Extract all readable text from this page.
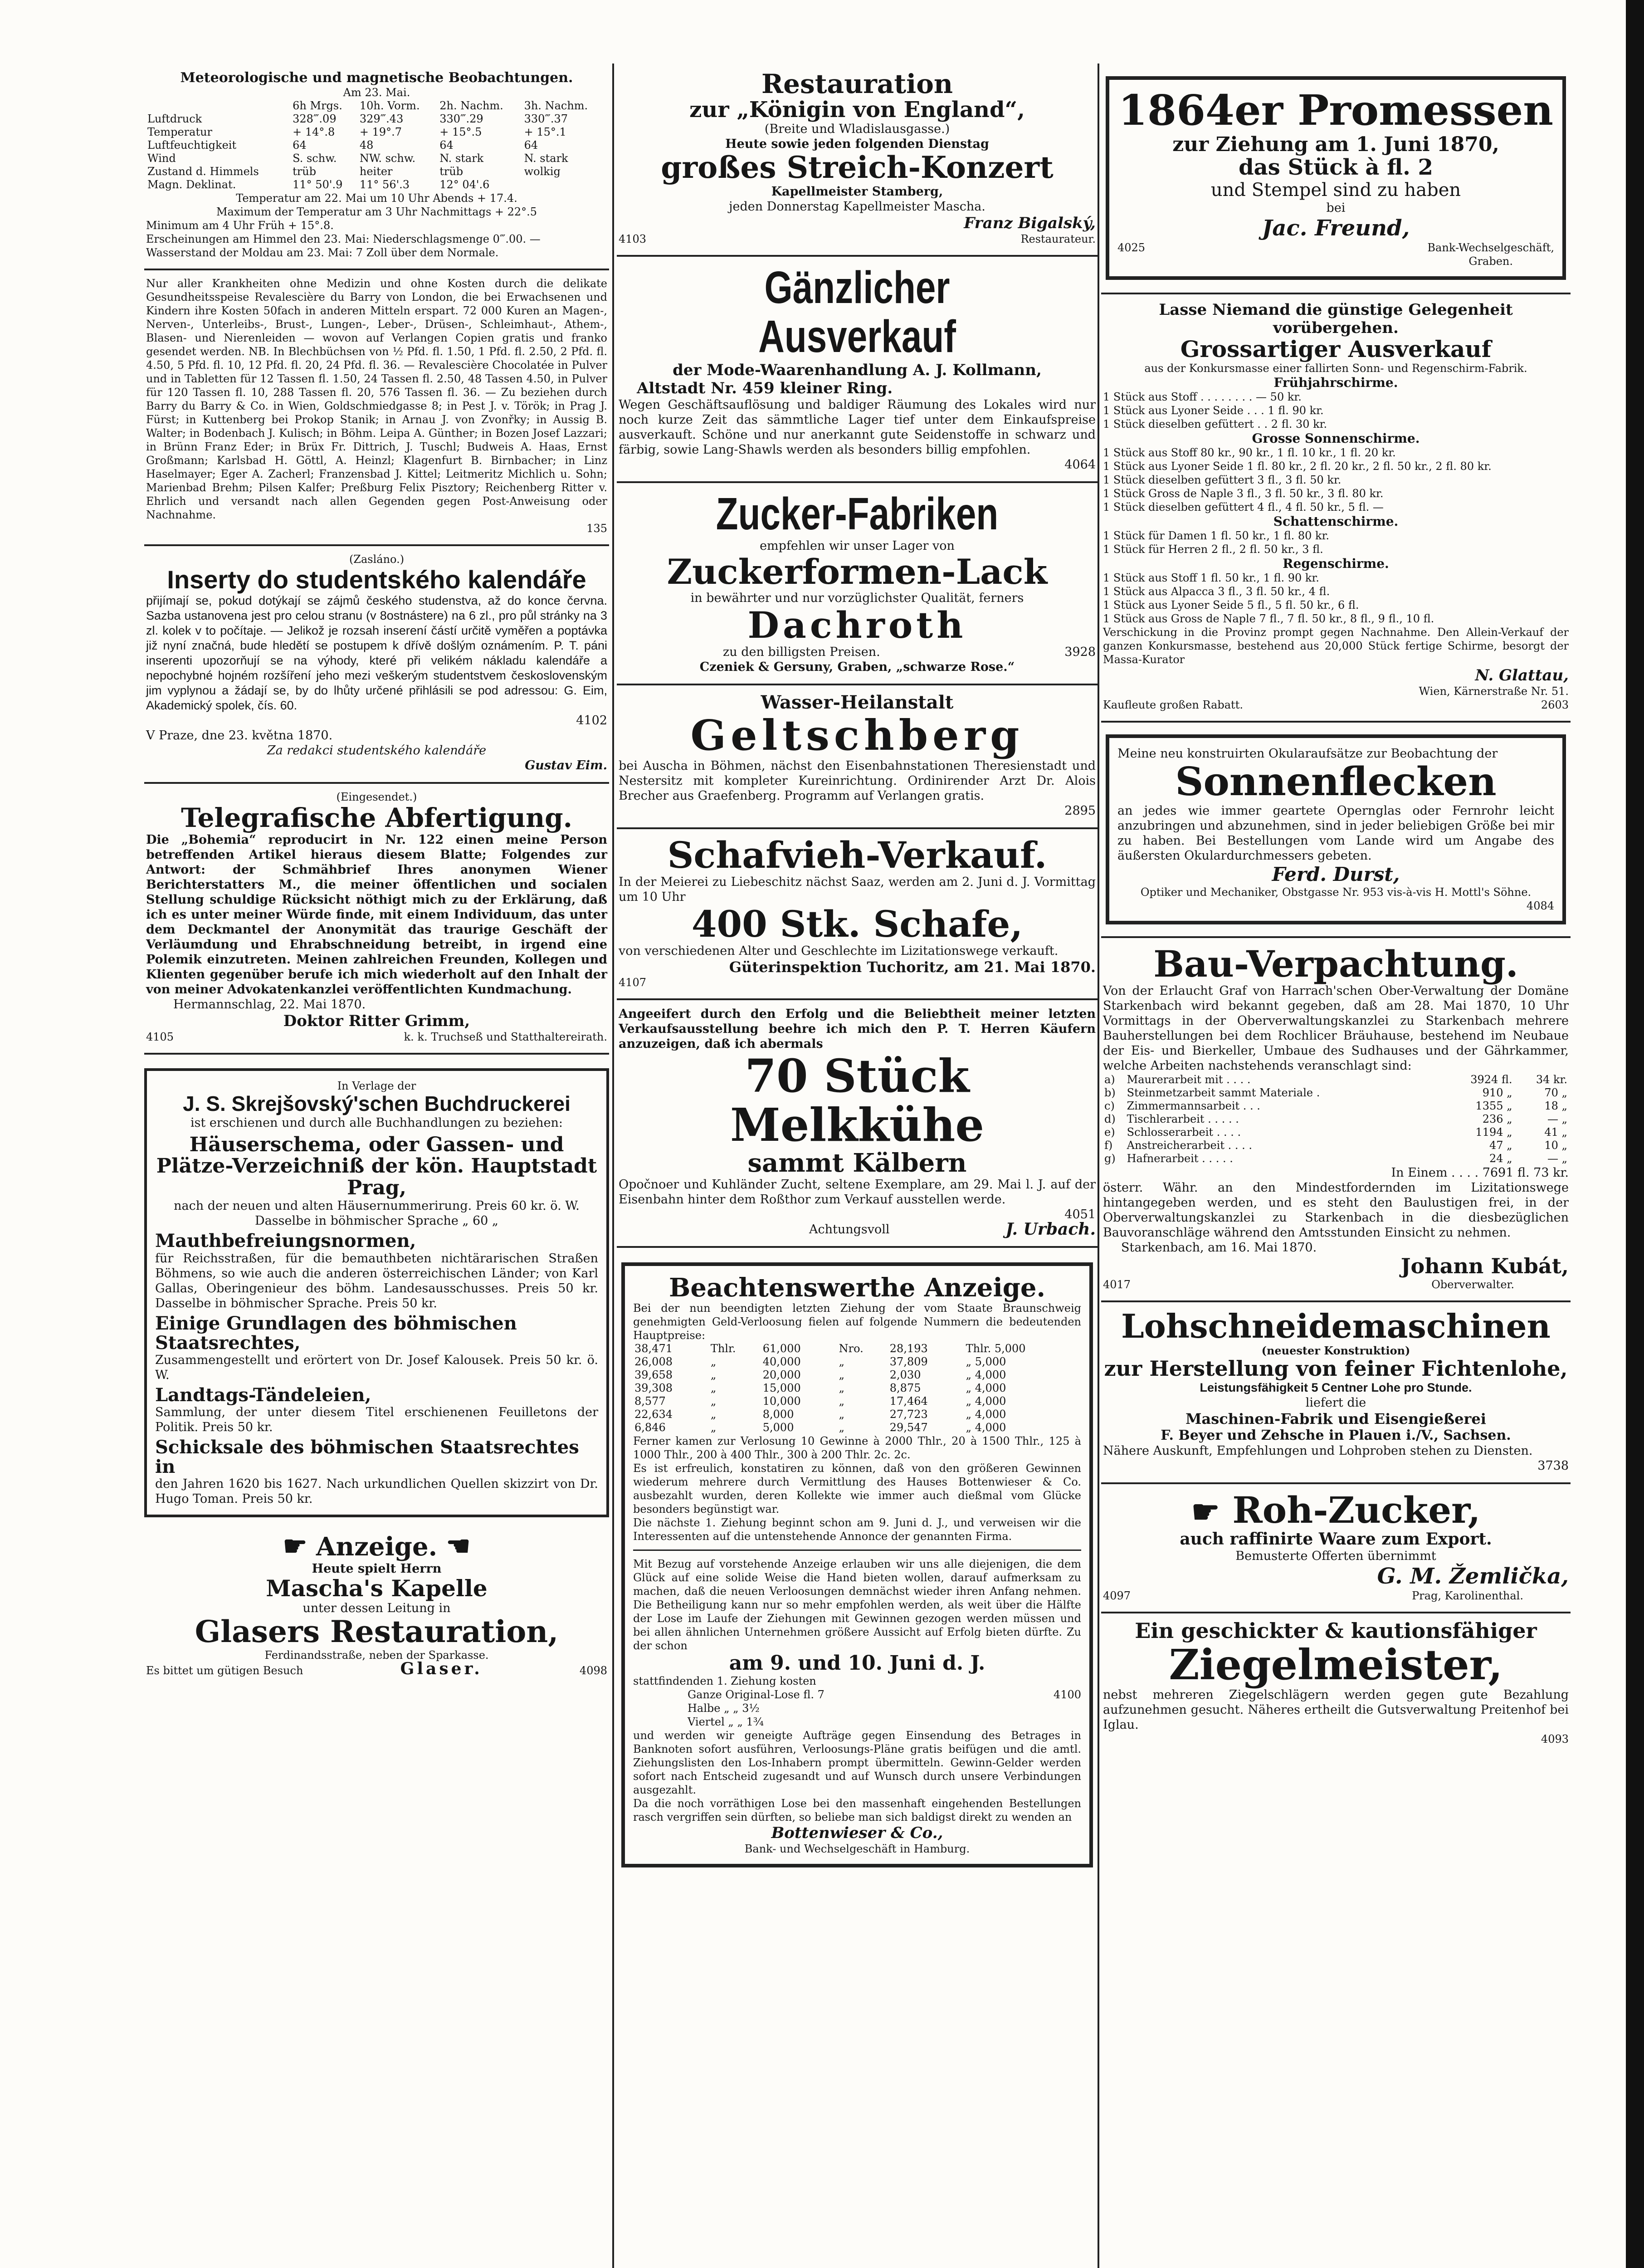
Meteorologische und magnetische Beobachtungen.

Am 23. Mai.

	6h Mrgs.	10h. Vorm.	2h. Nachm.	3h. Nachm.
Luftdruck	328‴.09	329‴.43	330‴.29	330‴.37
Temperatur	+ 14°.8	+ 19°.7	+ 15°.5	+ 15°.1
Luftfeuchtigkeit	64	48	64	64
Wind	S. schw.	NW. schw.	N. stark	N. stark
Zustand d. Himmels	trüb	heiter	trüb	wolkig
Magn. Deklinat.	11° 50'.9	11° 56'.3	12° 04'.6	

Temperatur am 22. Mai um 10 Uhr Abends + 17.4.

Maximum der Temperatur am 3 Uhr Nachmittags + 22°.5

Minimum am 4 Uhr Früh + 15°.8.

Erscheinungen am Himmel den 23. Mai: Niederschlagsmenge 0‴.00. —

Wasserstand der Moldau am 23. Mai: 7 Zoll über dem Normale.

Nur aller Krankheiten ohne Medizin und ohne Kosten durch die delikate Gesundheitsspeise Revalescière du Barry von London, die bei Erwachsenen und Kindern ihre Kosten 50fach in anderen Mitteln erspart. 72 000 Kuren an Magen-, Nerven-, Unterleibs-, Brust-, Lungen-, Leber-, Drüsen-, Schleimhaut-, Athem-, Blasen- und Nierenleiden — wovon auf Verlangen Copien gratis und franko gesendet werden. NB. In Blechbüchsen von ½ Pfd. fl. 1.50, 1 Pfd. fl. 2.50, 2 Pfd. fl. 4.50, 5 Pfd. fl. 10, 12 Pfd. fl. 20, 24 Pfd. fl. 36. — Revalescière Chocolatée in Pulver und in Tabletten für 12 Tassen fl. 1.50, 24 Tassen fl. 2.50, 48 Tassen 4.50, in Pulver für 120 Tassen fl. 10, 288 Tassen fl. 20, 576 Tassen fl. 36. — Zu beziehen durch Barry du Barry & Co. in Wien, Goldschmiedgasse 8; in Pest J. v. Török; in Prag J. Fürst; in Kuttenberg bei Prokop Stanik; in Arnau J. von Zvonřky; in Aussig B. Walter; in Bodenbach J. Kulisch; in Böhm. Leipa A. Günther; in Bozen Josef Lazzari; in Brünn Franz Eder; in Brüx Fr. Dittrich, J. Tuschl; Budweis A. Haas, Ernst Großmann; Karlsbad H. Göttl, A. Heinzl; Klagenfurt B. Birnbacher; in Linz Haselmayer; Eger A. Zacherl; Franzensbad J. Kittel; Leitmeritz Michlich u. Sohn; Marienbad Brehm; Pilsen Kalfer; Preßburg Felix Pisztory; Reichenberg Ritter v. Ehrlich und versandt nach allen Gegenden gegen Post-Anweisung oder Nachnahme.

135

(Zasláno.)

Inserty do studentského kalendáře

přijímají se, pokud dotýkají se zájmů českého studenstva, až do konce června. Sazba ustanovena jest pro celou stranu (v 8ostnástere) na 6 zl., pro půl stránky na 3 zl. kolek v to počítaje. — Jelikož je rozsah inserení částí určitě vyměřen a poptávka již nyní značná, bude hledětí se postupem k dřívě došlým oznámením. P. T. páni inserenti upozorňují se na výhody, které při velikém nákladu kalendáře a nepochybné hojném rozšíření jeho mezi veškerým studentstvem československým jim vyplynou a žádají se, by do lhůty určené přihlásili se pod adressou: G. Eim, Akademický spolek, čís. 60.

4102

V Praze, dne 23. května 1870.

Za redakci studentského kalendáře

Gustav Eim.

(Eingesendet.)

Telegrafische Abfertigung.

Die „Bohemia“ reproducirt in Nr. 122 einen meine Person betreffenden Artikel hieraus diesem Blatte; Folgendes zur Antwort: der Schmähbrief Ihres anonymen Wiener Berichterstatters M., die meiner öffentlichen und socialen Stellung schuldige Rücksicht nöthigt mich zu der Erklärung, daß ich es unter meiner Würde finde, mit einem Individuum, das unter dem Deckmantel der Anonymität das traurige Geschäft der Verläumdung und Ehrabschneidung betreibt, in irgend eine Polemik einzutreten. Meinen zahlreichen Freunden, Kollegen und Klienten gegenüber berufe ich mich wiederholt auf den Inhalt der von meiner Advokatenkanzlei veröffentlichten Kundmachung.

Hermannschlag, 22. Mai 1870.

Doktor Ritter Grimm,

4105	k. k. Truchseß und Statthaltereirath.

In Verlage der

J. S. Skrejšovský'schen Buchdruckerei

ist erschienen und durch alle Buchhandlungen zu beziehen:

Häuserschema, oder Gassen- und Plätze-Verzeichniß der kön. Hauptstadt Prag,

nach der neuen und alten Häusernummerirung. Preis 60 kr. ö. W.

Dasselbe in böhmischer Sprache „ 60 „

Mauthbefreiungsnormen,

für Reichsstraßen, für die bemauthbeten nichtärarischen Straßen Böhmens, so wie auch die anderen österreichischen Länder; von Karl Gallas, Oberingenieur des böhm. Landesausschusses. Preis 50 kr. Dasselbe in böhmischer Sprache. Preis 50 kr.

Einige Grundlagen des böhmischen Staatsrechtes,

Zusammengestellt und erörtert von Dr. Josef Kalousek. Preis 50 kr. ö. W.

Landtags-Tändeleien,

Sammlung, der unter diesem Titel erschienenen Feuilletons der Politik. Preis 50 kr.

Schicksale des böhmischen Staatsrechtes in

den Jahren 1620 bis 1627. Nach urkundlichen Quellen skizzirt von Dr. Hugo Toman. Preis 50 kr.

☛ Anzeige. ☚

Heute spielt Herrn

Mascha's Kapelle

unter dessen Leitung in

Glasers Restauration,

Ferdinandsstraße, neben der Sparkasse.

Es bittet um gütigen Besuch	Glaser.	4098

Restauration

zur „Königin von England“,

(Breite und Wladislausgasse.)

Heute sowie jeden folgenden Dienstag

großes Streich-Konzert

Kapellmeister Stamberg,

jeden Donnerstag Kapellmeister Mascha.

Franz Bigalský,

4103	Restaurateur.

Gänzlicher Ausverkauf

der Mode-Waarenhandlung A. J. Kollmann,

Altstadt Nr. 459 kleiner Ring.

Wegen Geschäftsauflösung und baldiger Räumung des Lokales wird nur noch kurze Zeit das sämmtliche Lager tief unter dem Einkaufspreise ausverkauft. Schöne und nur anerkannt gute Seidenstoffe in schwarz und färbig, sowie Lang-Shawls werden als besonders billig empfohlen.

4064

Zucker-Fabriken

empfehlen wir unser Lager von

Zuckerformen-Lack

in bewährter und nur vorzüglichster Qualität, ferners

Dachroth

zu den billigsten Preisen.	3928

Czeniek & Gersuny, Graben, „schwarze Rose.“

Wasser-Heilanstalt

Geltschberg

bei Auscha in Böhmen, nächst den Eisenbahnstationen Theresienstadt und Nestersitz mit kompleter Kureinrichtung. Ordinirender Arzt Dr. Alois Brecher aus Graefenberg. Programm auf Verlangen gratis.

2895

Schafvieh-Verkauf.

In der Meierei zu Liebeschitz nächst Saaz, werden am 2. Juni d. J. Vormittag um 10 Uhr

400 Stk. Schafe,

von verschiedenen Alter und Geschlechte im Lizitationswege verkauft.

Güterinspektion Tuchoritz, am 21. Mai 1870.

4107

Angeeifert durch den Erfolg und die Beliebtheit meiner letzten Verkaufsausstellung beehre ich mich den P. T. Herren Käufern anzuzeigen, daß ich abermals

70 Stück Melkkühe

sammt Kälbern

Opočnoer und Kuhländer Zucht, seltene Exemplare, am 29. Mai l. J. auf der Eisenbahn hinter dem Roßthor zum Verkauf ausstellen werde.

4051

Achtungsvoll	J. Urbach.

Beachtenswerthe Anzeige.

Bei der nun beendigten letzten Ziehung der vom Staate Braunschweig genehmigten Geld-Verloosung fielen auf folgende Nummern die bedeutenden Hauptpreise:

38,471	Thlr.	61,000	Nro.	28,193	Thlr. 5,000
26,008	„	40,000	„	37,809	„ 5,000
39,658	„	20,000	„	2,030	„ 4,000
39,308	„	15,000	„	8,875	„ 4,000
8,577	„	10,000	„	17,464	„ 4,000
22,634	„	8,000	„	27,723	„ 4,000
6,846	„	5,000	„	29,547	„ 4,000

Ferner kamen zur Verlosung 10 Gewinne à 2000 Thlr., 20 à 1500 Thlr., 125 à 1000 Thlr., 200 à 400 Thlr., 300 à 200 Thlr. 2c. 2c.

Es ist erfreulich, konstatiren zu können, daß von den größeren Gewinnen wiederum mehrere durch Vermittlung des Hauses Bottenwieser & Co. ausbezahlt wurden, deren Kollekte wie immer auch dießmal vom Glücke besonders begünstigt war.

Die nächste 1. Ziehung beginnt schon am 9. Juni d. J., und verweisen wir die Interessenten auf die untenstehende Annonce der genannten Firma.

Mit Bezug auf vorstehende Anzeige erlauben wir uns alle diejenigen, die dem Glück auf eine solide Weise die Hand bieten wollen, darauf aufmerksam zu machen, daß die neuen Verloosungen demnächst wieder ihren Anfang nehmen. Die Betheiligung kann nur so mehr empfohlen werden, als weit über die Hälfte der Lose im Laufe der Ziehungen mit Gewinnen gezogen werden müssen und bei allen ähnlichen Unternehmen größere Aussicht auf Erfolg bieten dürfte. Zu der schon

am 9. und 10. Juni d. J.

stattfindenden 1. Ziehung kosten

Ganze Original-Lose fl. 7	4100

Halbe „ „ 3½

Viertel „ „ 1¾

und werden wir geneigte Aufträge gegen Einsendung des Betrages in Banknoten sofort ausführen, Verloosungs-Pläne gratis beifügen und die amtl. Ziehungslisten den Los-Inhabern prompt übermitteln. Gewinn-Gelder werden sofort nach Entscheid zugesandt und auf Wunsch durch unsere Verbindungen ausgezahlt.

Da die noch vorräthigen Lose bei den massenhaft eingehenden Bestellungen rasch vergriffen sein dürften, so beliebe man sich baldigst direkt zu wenden an

Bottenwieser & Co.,

Bank- und Wechselgeschäft in Hamburg.

1864er Promessen

zur Ziehung am 1. Juni 1870,

das Stück à fl. 2

und Stempel sind zu haben

bei

Jac. Freund,

4025	Bank-Wechselgeschäft,
Graben.

Lasse Niemand die günstige Gelegenheit vorübergehen.

Grossartiger Ausverkauf

aus der Konkursmasse einer fallirten Sonn- und Regenschirm-Fabrik.

Frühjahrschirme.

1 Stück aus Stoff . . . . . . . . — 50 kr.

1 Stück aus Lyoner Seide . . . 1 fl. 90 kr.

1 Stück dieselben gefüttert . . 2 fl. 30 kr.

Grosse Sonnenschirme.

1 Stück aus Stoff 80 kr., 90 kr., 1 fl. 10 kr., 1 fl. 20 kr.

1 Stück aus Lyoner Seide 1 fl. 80 kr., 2 fl. 20 kr., 2 fl. 50 kr., 2 fl. 80 kr.

1 Stück dieselben gefüttert 3 fl., 3 fl. 50 kr.

1 Stück Gross de Naple 3 fl., 3 fl. 50 kr., 3 fl. 80 kr.

1 Stück dieselben gefüttert 4 fl., 4 fl. 50 kr., 5 fl. —

Schattenschirme.

1 Stück für Damen 1 fl. 50 kr., 1 fl. 80 kr.

1 Stück für Herren 2 fl., 2 fl. 50 kr., 3 fl.

Regenschirme.

1 Stück aus Stoff 1 fl. 50 kr., 1 fl. 90 kr.

1 Stück aus Alpacca 3 fl., 3 fl. 50 kr., 4 fl.

1 Stück aus Lyoner Seide 5 fl., 5 fl. 50 kr., 6 fl.

1 Stück aus Gross de Naple 7 fl., 7 fl. 50 kr., 8 fl., 9 fl., 10 fl.

Verschickung in die Provinz prompt gegen Nachnahme. Den Allein-Verkauf der ganzen Konkursmasse, bestehend aus 20,000 Stück fertige Schirme, besorgt der Massa-Kurator

N. Glattau,

Wien, Kärnerstraße Nr. 51.

Kaufleute großen Rabatt.	2603

Meine neu konstruirten Okularaufsätze zur Beobachtung der

Sonnenflecken

an jedes wie immer geartete Opernglas oder Fernrohr leicht anzubringen und abzunehmen, sind in jeder beliebigen Größe bei mir zu haben. Bei Bestellungen vom Lande wird um Angabe des äußersten Okulardurchmessers gebeten.

Ferd. Durst,

Optiker und Mechaniker, Obstgasse Nr. 953 vis-à-vis H. Mottl's Söhne.

4084

Bau-Verpachtung.

Von der Erlaucht Graf von Harrach'schen Ober-Verwaltung der Domäne Starkenbach wird bekannt gegeben, daß am 28. Mai 1870, 10 Uhr Vormittags in der Oberverwaltungskanzlei zu Starkenbach mehrere Bauherstellungen bei dem Rochlicer Bräuhause, bestehend im Neubaue der Eis- und Bierkeller, Umbaue des Sudhauses und der Gährkammer, welche Arbeiten nachstehends veranschlagt sind:

a)	Maurerarbeit mit . . . .	3924 fl.	34 kr.
b)	Steinmetzarbeit sammt Materiale .	910 „	70 „
c)	Zimmermannsarbeit . . .	1355 „	18 „
d)	Tischlerarbeit . . . . .	236 „	— „
e)	Schlosserarbeit . . . .	1194 „	41 „
f)	Anstreicherarbeit . . . .	47 „	10 „
g)	Hafnerarbeit . . . . .	24 „	— „

In Einem . . . . 7691 fl. 73 kr.

österr. Währ. an den Mindestfordernden im Lizitationswege hintangegeben werden, und es steht den Baulustigen frei, in der Oberverwaltungskanzlei zu Starkenbach in die diesbezüglichen Bauvoranschläge während den Amtsstunden Einsicht zu nehmen.

Starkenbach, am 16. Mai 1870.

Johann Kubát,

4017	Oberverwalter.

Lohschneidemaschinen

(neuester Konstruktion)

zur Herstellung von feiner Fichtenlohe,

Leistungsfähigkeit 5 Centner Lohe pro Stunde.

liefert die

Maschinen-Fabrik und Eisengießerei

F. Beyer und Zehsche in Plauen i./V., Sachsen.

Nähere Auskunft, Empfehlungen und Lohproben stehen zu Diensten.

3738

☛ Roh-Zucker,

auch raffinirte Waare zum Export.

Bemusterte Offerten übernimmt

G. M. Žemlička,

4097	Prag, Karolinenthal.

Ein geschickter & kautionsfähiger

Ziegelmeister,

nebst mehreren Ziegelschlägern werden gegen gute Bezahlung aufzunehmen gesucht. Näheres ertheilt die Gutsverwaltung Preitenhof bei Iglau.

4093
